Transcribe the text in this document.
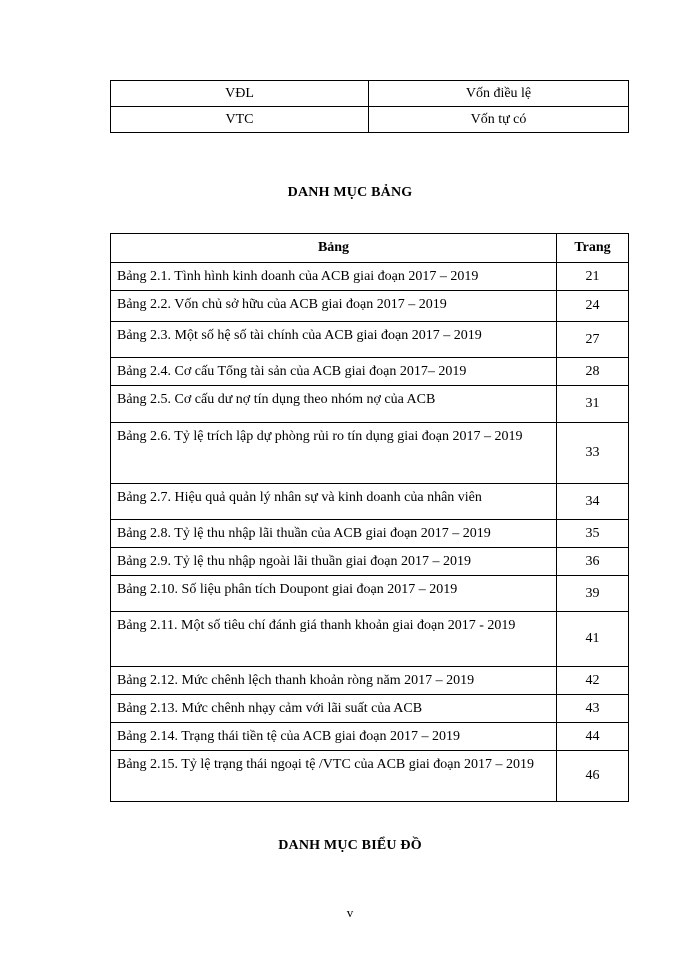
VĐL	Vốn điều lệ
VTC	Vốn tự có
DANH MỤC BẢNG
Bảng	Trang
Bảng 2.1. Tình hình kinh doanh của ACB giai đoạn 2017 – 2019	21
Bảng 2.2. Vốn chủ sở hữu của ACB giai đoạn 2017 – 2019	24
Bảng 2.3. Một số hệ số tài chính của ACB giai đoạn 2017 – 2019	27
Bảng 2.4. Cơ cấu Tổng tài sản của ACB giai đoạn 2017– 2019	28
Bảng 2.5. Cơ cấu dư nợ tín dụng theo nhóm nợ của ACB	31
Bảng 2.6. Tỷ lệ trích lập dự phòng rủi ro tín dụng giai đoạn 2017 – 2019	33
Bảng 2.7. Hiệu quả quản lý nhân sự và kinh doanh của nhân viên	34
Bảng 2.8. Tỷ lệ thu nhập lãi thuần của ACB giai đoạn 2017 – 2019	35
Bảng 2.9. Tỷ lệ thu nhập ngoài lãi thuần giai đoạn 2017 – 2019	36
Bảng 2.10. Số liệu phân tích Doupont giai đoạn 2017 – 2019	39
Bảng 2.11. Một số tiêu chí đánh giá thanh khoản giai đoạn 2017 - 2019	41
Bảng 2.12. Mức chênh lệch thanh khoản ròng năm 2017 – 2019	42
Bảng 2.13. Mức chênh nhạy cảm với lãi suất của ACB	43
Bảng 2.14. Trạng thái tiền tệ của ACB giai đoạn 2017 – 2019	44
Bảng 2.15. Tỷ lệ trạng thái ngoại tệ /VTC của ACB giai đoạn 2017 – 2019	46
DANH MỤC BIỂU ĐỒ
v
